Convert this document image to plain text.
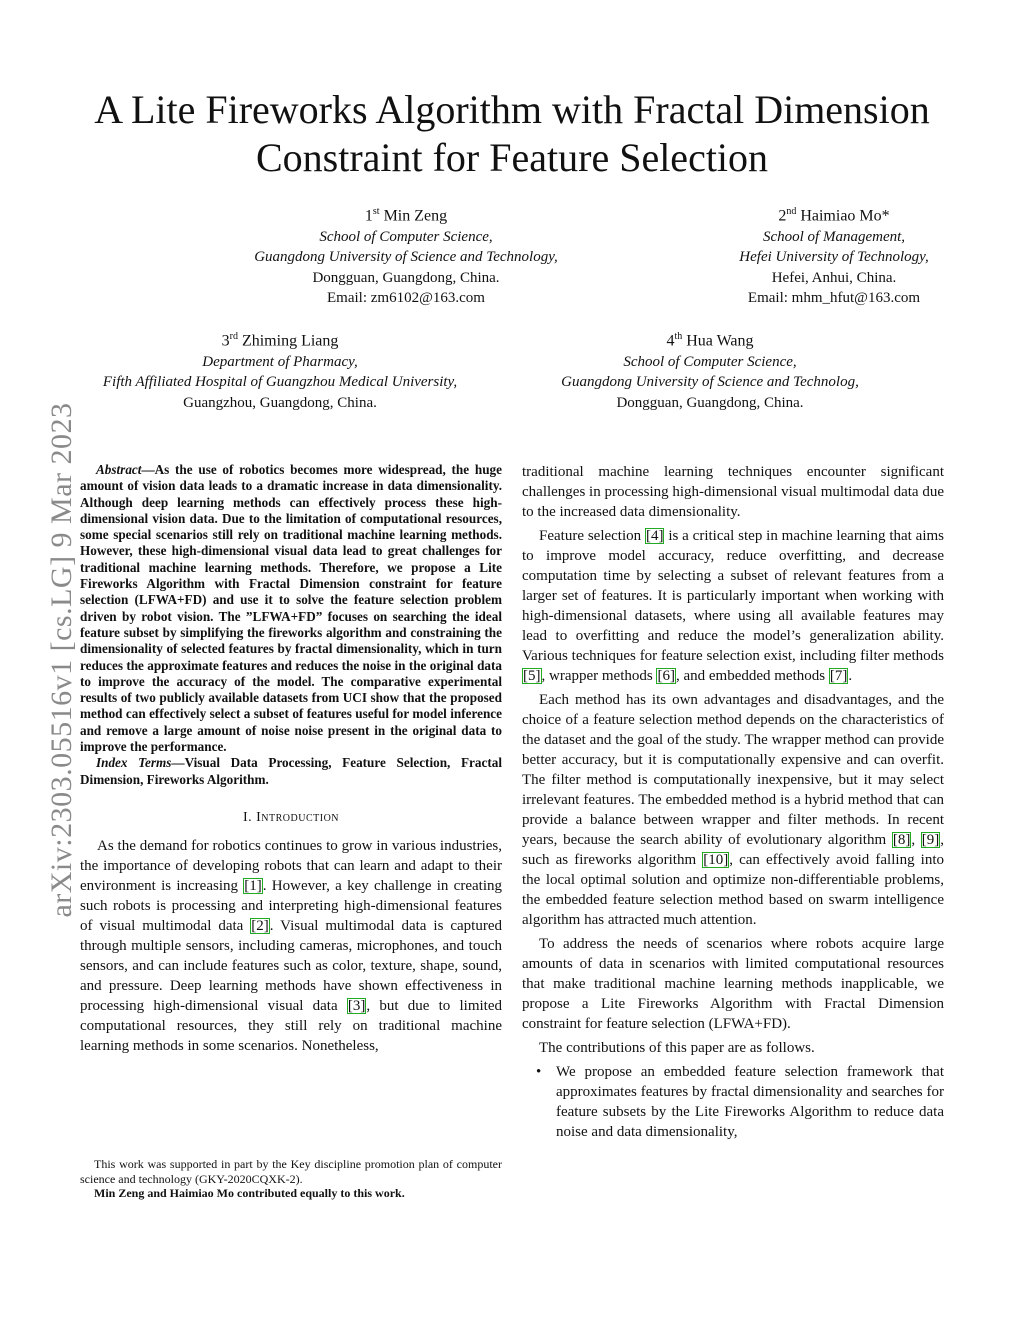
arXiv:2303.05516v1 [cs.LG] 9 Mar 2023
A Lite Fireworks Algorithm with Fractal Dimension
Constraint for Feature Selection
1st Min Zeng
School of Computer Science,
Guangdong University of Science and Technology,
Dongguan, Guangdong, China.
Email: zm6102@163.com
2nd Haimiao Mo*
School of Management,
Hefei University of Technology,
Hefei, Anhui, China.
Email: mhm_hfut@163.com
3rd Zhiming Liang
Department of Pharmacy,
Fifth Affiliated Hospital of Guangzhou Medical University,
Guangzhou, Guangdong, China.
4th Hua Wang
School of Computer Science,
Guangdong University of Science and Technolog,
Dongguan, Guangdong, China.

Abstract—As the use of robotics becomes more widespread, the huge amount of vision data leads to a dramatic increase in data dimensionality. Although deep learning methods can effectively process these high-dimensional vision data. Due to the limitation of computational resources, some special scenarios still rely on traditional machine learning methods. However, these high-dimensional visual data lead to great challenges for traditional machine learning methods. Therefore, we propose a Lite Fireworks Algorithm with Fractal Dimension constraint for feature selection (LFWA+FD) and use it to solve the feature selection problem driven by robot vision. The ”LFWA+FD” focuses on searching the ideal feature subset by simplifying the fireworks algorithm and constraining the dimensionality of selected features by fractal dimensionality, which in turn reduces the approximate features and reduces the noise in the original data to improve the accuracy of the model. The comparative experimental results of two publicly available datasets from UCI show that the proposed method can effectively select a subset of features useful for model inference and remove a large amount of noise noise present in the original data to improve the performance.

Index Terms—Visual Data Processing, Feature Selection, Fractal Dimension, Fireworks Algorithm.

I. Introduction

As the demand for robotics continues to grow in various industries, the importance of developing robots that can learn and adapt to their environment is increasing [1]. However, a key challenge in creating such robots is processing and interpreting high-dimensional features of visual multimodal data [2]. Visual multimodal data is captured through multiple sensors, including cameras, microphones, and touch sensors, and can include features such as color, texture, shape, sound, and pressure. Deep learning methods have shown effectiveness in processing high-dimensional visual data [3], but due to limited computational resources, they still rely on traditional machine learning methods in some scenarios. Nonetheless,

This work was supported in part by the Key discipline promotion plan of computer science and technology (GKY-2020CQXK-2).

Min Zeng and Haimiao Mo contributed equally to this work.

traditional machine learning techniques encounter significant challenges in processing high-dimensional visual multimodal data due to the increased data dimensionality.

Feature selection [4] is a critical step in machine learning that aims to improve model accuracy, reduce overfitting, and decrease computation time by selecting a subset of relevant features from a larger set of features. It is particularly important when working with high-dimensional datasets, where using all available features may lead to overfitting and reduce the model’s generalization ability. Various techniques for feature selection exist, including filter methods [5], wrapper methods [6], and embedded methods [7].

Each method has its own advantages and disadvantages, and the choice of a feature selection method depends on the characteristics of the dataset and the goal of the study. The wrapper method can provide better accuracy, but it is computationally expensive and can overfit. The filter method is computationally inexpensive, but it may select irrelevant features. The embedded method is a hybrid method that can provide a balance between wrapper and filter methods. In recent years, because the search ability of evolutionary algorithm [8], [9], such as fireworks algorithm [10], can effectively avoid falling into the local optimal solution and optimize non-differentiable problems, the embedded feature selection method based on swarm intelligence algorithm has attracted much attention.

To address the needs of scenarios where robots acquire large amounts of data in scenarios with limited computational resources that make traditional machine learning methods inapplicable, we propose a Lite Fireworks Algorithm with Fractal Dimension constraint for feature selection (LFWA+FD).

The contributions of this paper are as follows.

• We propose an embedded feature selection framework that approximates features by fractal dimensionality and searches for feature subsets by the Lite Fireworks Algorithm to reduce data noise and data dimensionality,
